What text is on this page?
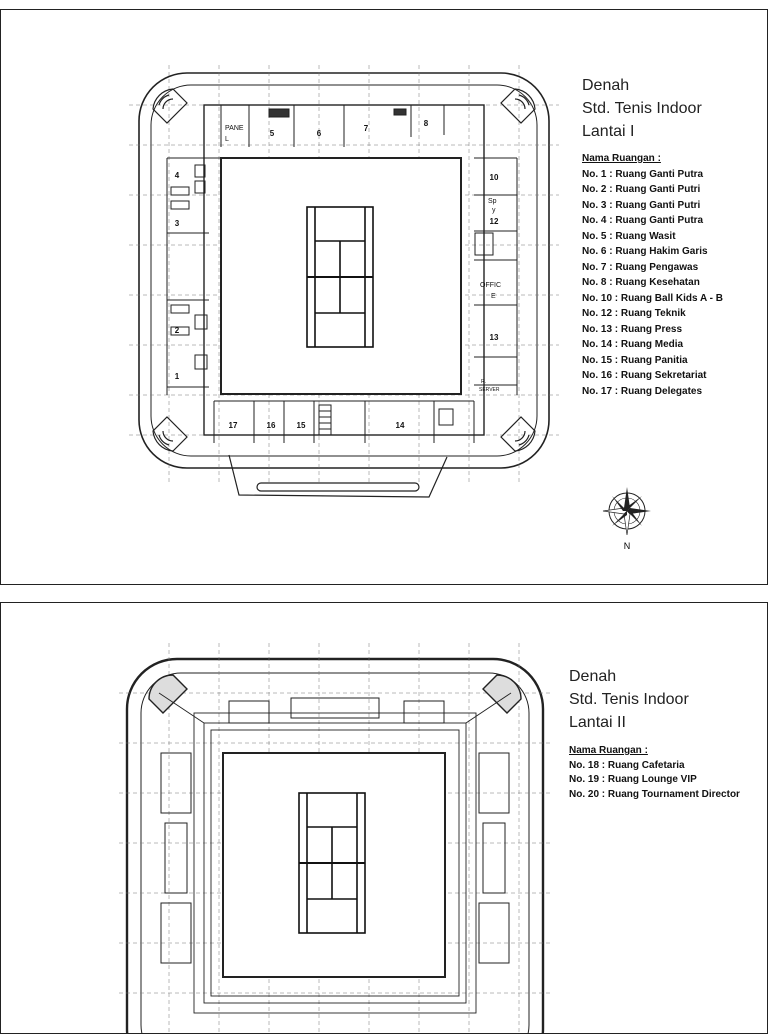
4
3
2
1
5	6
7
8
10
12
13
14
15
16
17
PANE
L
Sp
y
OFFIC
E
R.
SERVER
Denah
Std. Tenis Indoor
Lantai I
Nama Ruangan :
No. 1 : Ruang Ganti Putra
No. 2 : Ruang Ganti Putri
No. 3 : Ruang Ganti Putri
No. 4 : Ruang Ganti Putra
No. 5 : Ruang Wasit
No. 6 : Ruang Hakim Garis
No. 7 : Ruang Pengawas
No. 8 : Ruang Kesehatan
No. 10 : Ruang Ball Kids A - B
No. 12 : Ruang Teknik
No. 13 : Ruang Press
No. 14 : Ruang Media
No. 15 : Ruang Panitia
No. 16 : Ruang Sekretariat
No. 17 : Ruang Delegates
N
Denah
Std. Tenis Indoor
Lantai II
Nama Ruangan :
No. 18 : Ruang Cafetaria
No. 19 : Ruang Lounge VIP
No. 20 : Ruang Tournament Director
